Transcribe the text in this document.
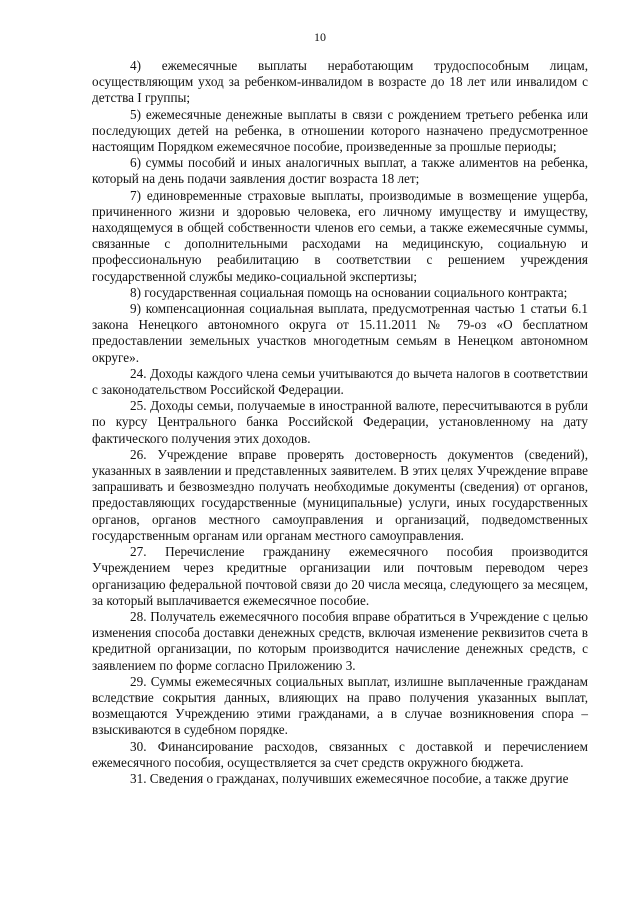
10

4) ежемесячные выплаты неработающим трудоспособным лицам, осуществляющим уход за ребенком-инвалидом в возрасте до 18 лет или инвалидом с детства I группы;

5) ежемесячные денежные выплаты в связи с рождением третьего ребенка или последующих детей на ребенка, в отношении которого назначено предусмотренное настоящим Порядком ежемесячное пособие, произведенные за прошлые периоды;

6) суммы пособий и иных аналогичных выплат, а также алиментов на ребенка, который на день подачи заявления достиг возраста 18 лет;

7) единовременные страховые выплаты, производимые в возмещение ущерба, причиненного жизни и здоровью человека, его личному имуществу и имуществу, находящемуся в общей собственности членов его семьи, а также ежемесячные суммы, связанные с дополнительными расходами на медицинскую, социальную и профессиональную реабилитацию в соответствии с решением учреждения государственной службы медико-социальной экспертизы;

8) государственная социальная помощь на основании социального контракта;

9) компенсационная социальная выплата, предусмотренная частью 1 статьи 6.1 закона Ненецкого автономного округа от 15.11.2011 № 79-оз «О бесплатном предоставлении земельных участков многодетным семьям в Ненецком автономном округе».

24. Доходы каждого члена семьи учитываются до вычета налогов в соответствии с законодательством Российской Федерации.

25. Доходы семьи, получаемые в иностранной валюте, пересчитываются в рубли по курсу Центрального банка Российской Федерации, установленному на дату фактического получения этих доходов.

26. Учреждение вправе проверять достоверность документов (сведений), указанных в заявлении и представленных заявителем. В этих целях Учреждение вправе запрашивать и безвозмездно получать необходимые документы (сведения) от органов, предоставляющих государственные (муниципальные) услуги, иных государственных органов, органов местного самоуправления и организаций, подведомственных государственным органам или органам местного самоуправления.

27. Перечисление гражданину ежемесячного пособия производится Учреждением через кредитные организации или почтовым переводом через организацию федеральной почтовой связи до 20 числа месяца, следующего за месяцем, за который выплачивается ежемесячное пособие.

28. Получатель ежемесячного пособия вправе обратиться в Учреждение с целью изменения способа доставки денежных средств, включая изменение реквизитов счета в кредитной организации, по которым производится начисление денежных средств, с заявлением по форме согласно Приложению 3.

29. Суммы ежемесячных социальных выплат, излишне выплаченные гражданам вследствие сокрытия данных, влияющих на право получения указанных выплат, возмещаются Учреждению этими гражданами, а в случае возникновения спора – взыскиваются в судебном порядке.

30. Финансирование расходов, связанных с доставкой и перечислением ежемесячного пособия, осуществляется за счет средств окружного бюджета.

31. Сведения о гражданах, получивших ежемесячное пособие, а также другие
